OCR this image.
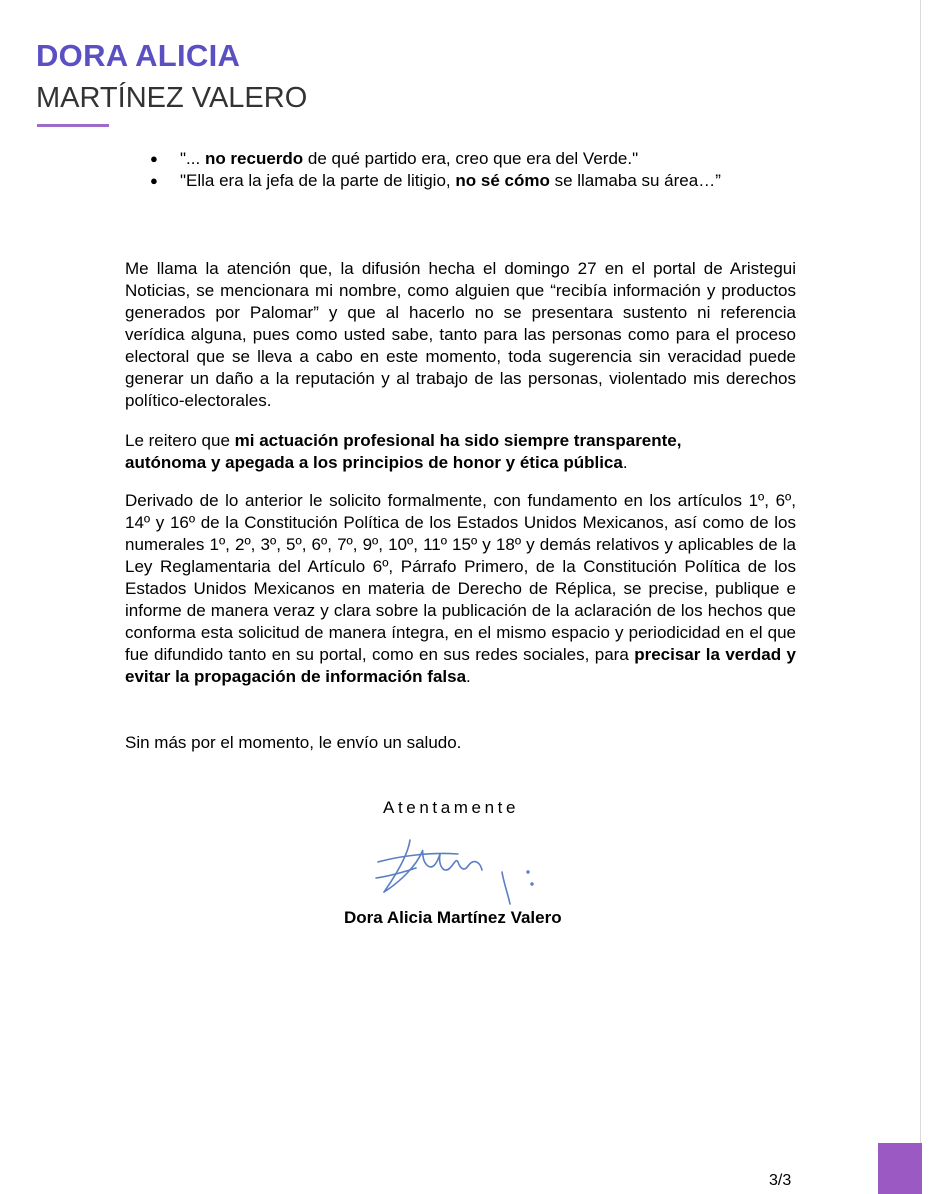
DORA ALICIA
MARTÍNEZ VALERO
●	"... no recuerdo de qué partido era, creo que era del Verde."
●	"Ella era la jefa de la parte de litigio, no sé cómo se llamaba su área…”
Me llama la atención que, la difusión hecha el domingo 27 en el portal de Aristegui Noticias, se mencionara mi nombre, como alguien que “recibía información y productos generados por Palomar” y que al hacerlo no se presentara sustento ni referencia verídica alguna, pues como usted sabe, tanto para las personas como para el proceso electoral que se lleva a cabo en este momento, toda sugerencia sin veracidad puede generar un daño a la reputación y al trabajo de las personas, violentado mis derechos político-electorales.
Le reitero que mi actuación profesional ha sido siempre transparente,
autónoma y apegada a los principios de honor y ética pública.
Derivado de lo anterior le solicito formalmente, con fundamento en los artículos 1º, 6º, 14º y 16º de la Constitución Política de los Estados Unidos Mexicanos, así como de los numerales 1º, 2º, 3º, 5º, 6º, 7º, 9º, 10º, 11º 15º y 18º y demás relativos y aplicables de la Ley Reglamentaria del Artículo 6º, Párrafo Primero, de la Constitución Política de los Estados Unidos Mexicanos en materia de Derecho de Réplica, se precise, publique e informe de manera veraz y clara sobre la publicación de la aclaración de los hechos que conforma esta solicitud de manera íntegra, en el mismo espacio y periodicidad en el que fue difundido tanto en su portal, como en sus redes sociales, para precisar la verdad y evitar la propagación de información falsa.
Sin más por el momento, le envío un saludo.
Atentamente
Dora Alicia Martínez Valero
3/3
